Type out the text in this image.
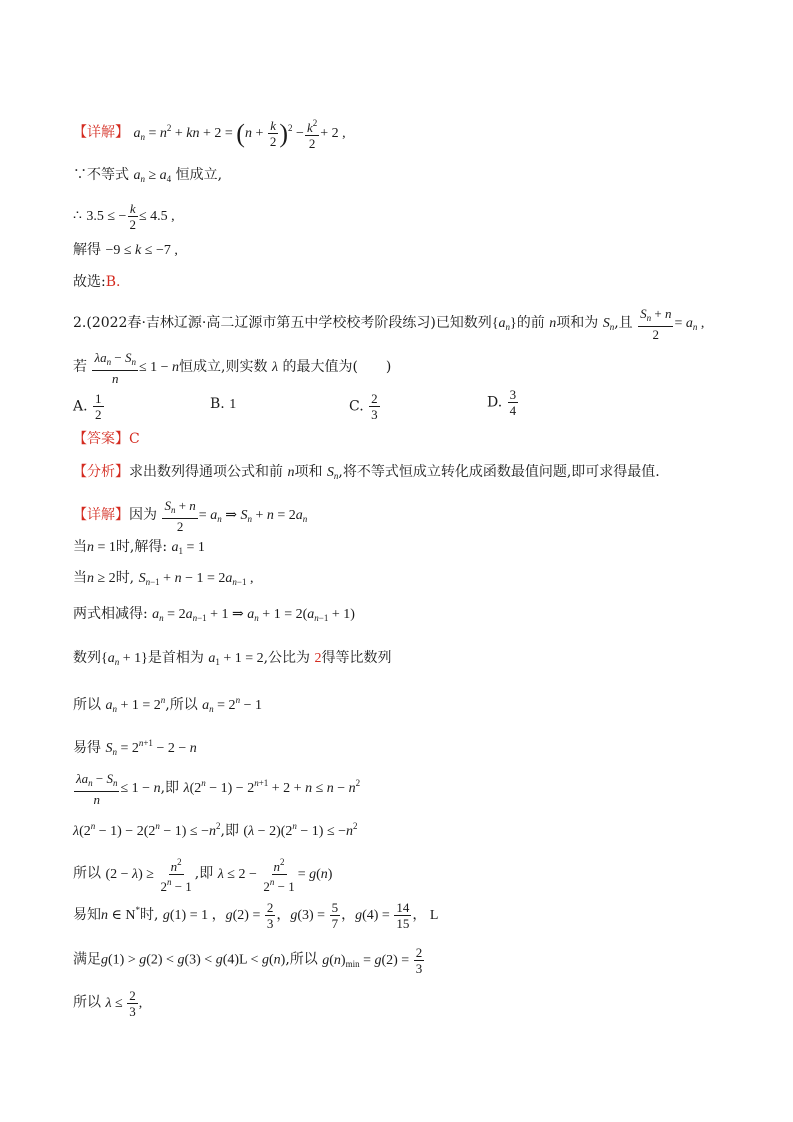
【详解】 $a_n = n^2$ + kn + $2 = (n + \frac{k}{2} )^2 - \frac{k^2}{2} + 2$ ,
∵不等式 $a_n \ge a_4$ 恒成立,
∴ 3.5 ≤ − $\frac{k}{2} \le 4.5$ ,
解得 −9 ≤ k ≤ −7 ,
故选:B.
2.(2022春·吉林辽源·高二辽源市第五中学校校考阶段练习)已知数列$\{a_n\}$的前 n项和为 $S_n$,且 $\frac{S_n + n}{2} = a_n$ ,
若 $\frac{\lambda a_n - S_n}{n} \le 1 - n$恒成立,则实数 λ 的最大值为(　　)
A. $\frac{1}{2}$	B. 1	C. $\frac{2}{3}$	D. $\frac{3}{4}$
【答案】C
【分析】求出数列得通项公式和前 n项和 $S_n$,将不等式恒成立转化成函数最值问题,即可求得最值.
【详解】因为 $\frac{S_n + n}{2} = a_n$ ⇒ $S_n + n = 2a_n$
当n = 1时,解得: $a_1 = 1$
当n ≥ 2时, $S_{n-1} + n - 1 = 2a_{n-1}$ ,
两式相减得: $a_n = 2a_{n-1} + 1$ ⇒ $a_n + 1 = 2(a_{n-1} + 1)$
数列$\{a_n + 1\}$是首相为 $a_1 + 1 = 2$,公比为 2得等比数列
所以 $a_n + 1 = 2^n$,所以 $a_n = 2^n - 1$
易得 $S_n = 2^{n+1} - 2 - n$
$\frac{\lambda a_n - S_n}{n} \le 1 - n$,即 $\lambda(2^n - 1) - 2^{n+1} + 2 + n \le n - n^2$
$\lambda(2^n - 1) - 2(2^n - 1) \le -n^2$,即 $(\lambda - 2)(2^n - 1) \le -n^2$
所以 $(2 - \lambda) \ge \frac{n^2}{2^n - 1}$ ,即 $\lambda \le 2 - \frac{n^2}{2^n - 1} = g(n)$
易知n ∈ N*时, g(1) = 1 ，$g(2) = \frac{2}{3}$ ，$g(3) = \frac{5}{7}$ ，$g(4) = \frac{14}{15}$ ， L
满足g(1) > g(2) < g(3) < g(4)L < g(n),所以 $g(n)_{min} = g(2) = \frac{2}{3}$
所以 $\lambda \le \frac{2}{3}$ ,
